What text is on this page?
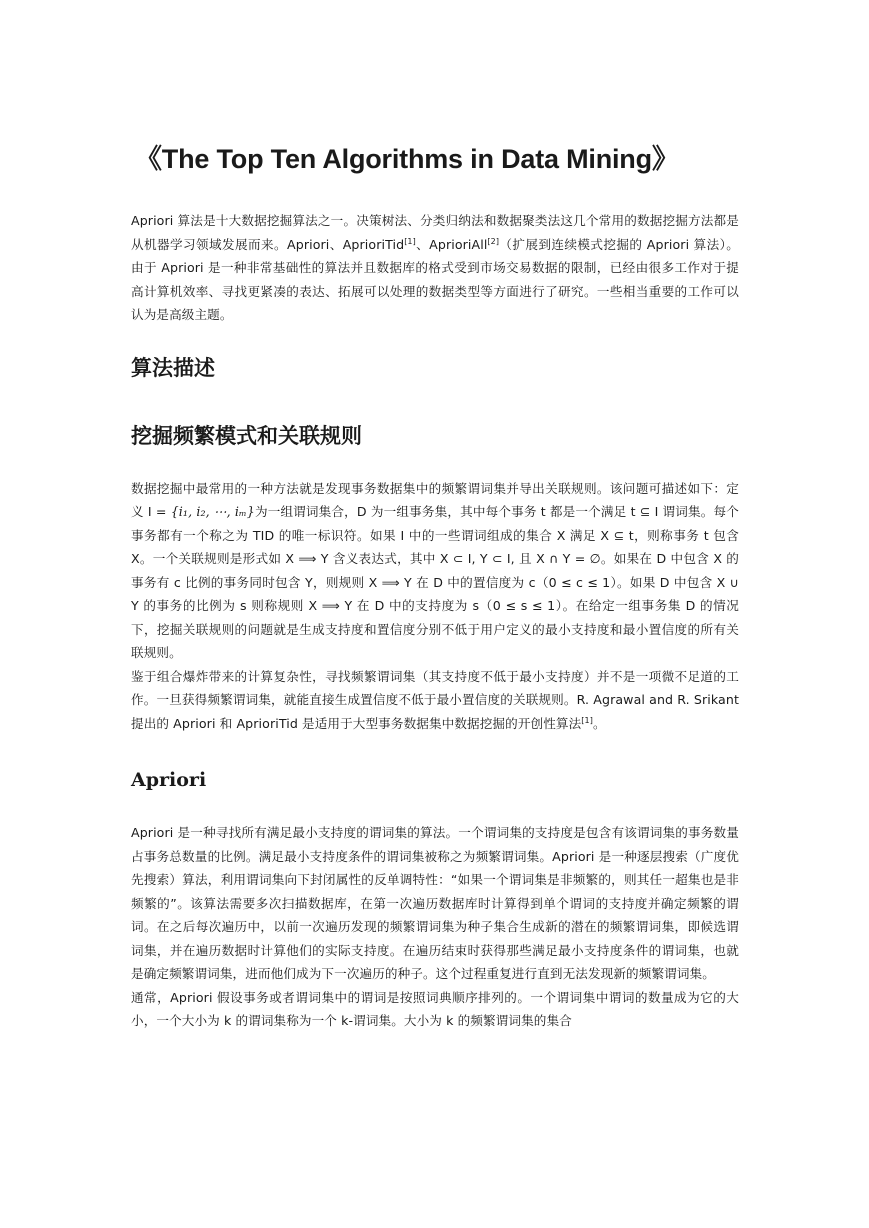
《The Top Ten Algorithms in Data Mining》

Apriori 算法是十大数据挖掘算法之一。决策树法、分类归纳法和数据聚类法这几个常用的数据挖掘方法都是从机器学习领域发展而来。Apriori、AprioriTid[1]、AprioriAll[2]（扩展到连续模式挖掘的 Apriori 算法）。由于 Apriori 是一种非常基础性的算法并且数据库的格式受到市场交易数据的限制，已经由很多工作对于提高计算机效率、寻找更紧凑的表达、拓展可以处理的数据类型等方面进行了研究。一些相当重要的工作可以认为是高级主题。

算法描述
挖掘频繁模式和关联规则

数据挖掘中最常用的一种方法就是发现事务数据集中的频繁谓词集并导出关联规则。该问题可描述如下：定义 I = {i₁, i₂, ⋯, iₘ}为一组谓词集合，D 为一组事务集，其中每个事务 t 都是一个满足 t ⊆ I 谓词集。每个事务都有一个称之为 TID 的唯一标识符。如果 I 中的一些谓词组成的集合 X 满足 X ⊆ t，则称事务 t 包含 X。一个关联规则是形式如 X ⟹ Y 含义表达式，其中 X ⊂ I, Y ⊂ I, 且 X ∩ Y = ∅。如果在 D 中包含 X 的事务有 c 比例的事务同时包含 Y，则规则 X ⟹ Y 在 D 中的置信度为 c（0 ≤ c ≤ 1）。如果 D 中包含 X ∪ Y 的事务的比例为 s 则称规则 X ⟹ Y 在 D 中的支持度为 s（0 ≤ s ≤ 1）。在给定一组事务集 D 的情况下，挖掘关联规则的问题就是生成支持度和置信度分别不低于用户定义的最小支持度和最小置信度的所有关联规则。

鉴于组合爆炸带来的计算复杂性，寻找频繁谓词集（其支持度不低于最小支持度）并不是一项微不足道的工作。一旦获得频繁谓词集，就能直接生成置信度不低于最小置信度的关联规则。R. Agrawal and R. Srikant 提出的 Apriori 和 AprioriTid 是适用于大型事务数据集中数据挖掘的开创性算法[1]。

Apriori

Apriori 是一种寻找所有满足最小支持度的谓词集的算法。一个谓词集的支持度是包含有该谓词集的事务数量占事务总数量的比例。满足最小支持度条件的谓词集被称之为频繁谓词集。Apriori 是一种逐层搜索（广度优先搜索）算法，利用谓词集向下封闭属性的反单调特性：“如果一个谓词集是非频繁的，则其任一超集也是非频繁的”。该算法需要多次扫描数据库，在第一次遍历数据库时计算得到单个谓词的支持度并确定频繁的谓词。在之后每次遍历中，以前一次遍历发现的频繁谓词集为种子集合生成新的潜在的频繁谓词集，即候选谓词集，并在遍历数据时计算他们的实际支持度。在遍历结束时获得那些满足最小支持度条件的谓词集，也就是确定频繁谓词集，进而他们成为下一次遍历的种子。这个过程重复进行直到无法发现新的频繁谓词集。

通常，Apriori 假设事务或者谓词集中的谓词是按照词典顺序排列的。一个谓词集中谓词的数量成为它的大小，一个大小为 k 的谓词集称为一个 k-谓词集。大小为 k 的频繁谓词集的集合
